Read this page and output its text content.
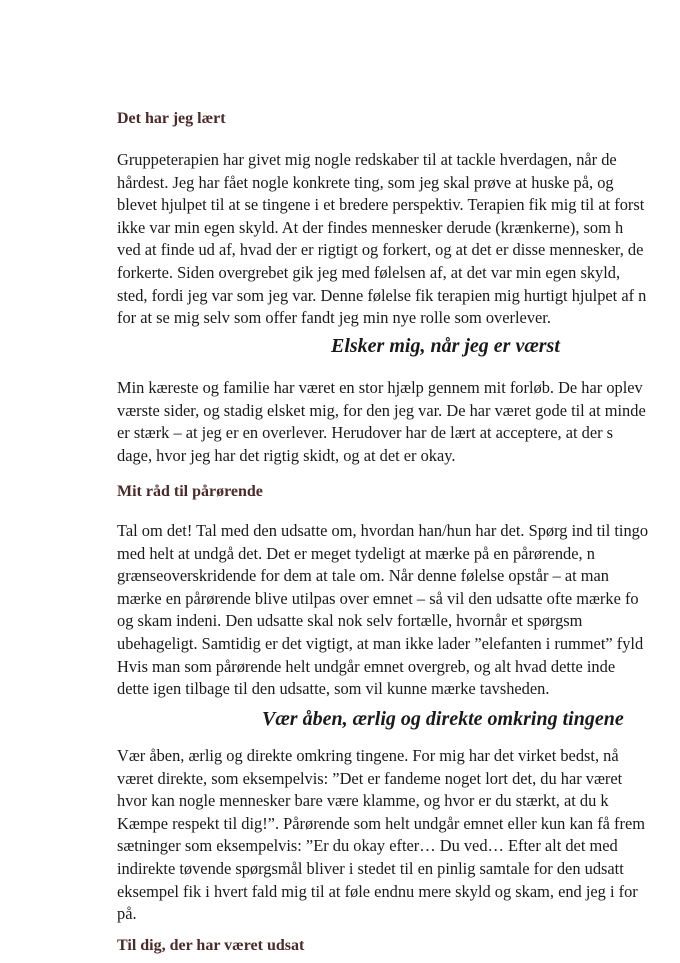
Det har jeg lært
Gruppeterapien har givet mig nogle redskaber til at tackle hverdagen, når de
hårdest. Jeg har fået nogle konkrete ting, som jeg skal prøve at huske på, og
blevet hjulpet til at se tingene i et bredere perspektiv. Terapien fik mig til at forst
ikke var min egen skyld. At der findes mennesker derude (krænkerne), som h
ved at finde ud af, hvad der er rigtigt og forkert, og at det er disse mennesker, de
forkerte. Siden overgrebet gik jeg med følelsen af, at det var min egen skyld,
sted, fordi jeg var som jeg var. Denne følelse fik terapien mig hurtigt hjulpet af n
for at se mig selv som offer fandt jeg min nye rolle som overlever.
Elsker mig, når jeg er værst
Min kæreste og familie har været en stor hjælp gennem mit forløb. De har oplev
værste sider, og stadig elsket mig, for den jeg var. De har været gode til at minde
er stærk – at jeg er en overlever. Herudover har de lært at acceptere, at der s
dage, hvor jeg har det rigtig skidt, og at det er okay.
Mit råd til pårørende
Tal om det! Tal med den udsatte om, hvordan han/hun har det. Spørg ind til tingo
med helt at undgå det. Det er meget tydeligt at mærke på en pårørende, n
grænseoverskridende for dem at tale om. Når denne følelse opstår – at man
mærke en pårørende blive utilpas over emnet – så vil den udsatte ofte mærke fo
og skam indeni. Den udsatte skal nok selv fortælle, hvornår et spørgsm
ubehageligt. Samtidig er det vigtigt, at man ikke lader ”elefanten i rummet” fyld
Hvis man som pårørende helt undgår emnet overgreb, og alt hvad dette inde
dette igen tilbage til den udsatte, som vil kunne mærke tavsheden.
Vær åben, ærlig og direkte omkring tingene
Vær åben, ærlig og direkte omkring tingene. For mig har det virket bedst, nå
været direkte, som eksempelvis: ”Det er fandeme noget lort det, du har været
hvor kan nogle mennesker bare være klamme, og hvor er du stærkt, at du k
Kæmpe respekt til dig!”. Pårørende som helt undgår emnet eller kun kan få frem
sætninger som eksempelvis: ”Er du okay efter… Du ved… Efter alt det med
indirekte tøvende spørgsmål bliver i stedet til en pinlig samtale for den udsatt
eksempel fik i hvert fald mig til at føle endnu mere skyld og skam, end jeg i for
på.
Til dig, der har været udsat
